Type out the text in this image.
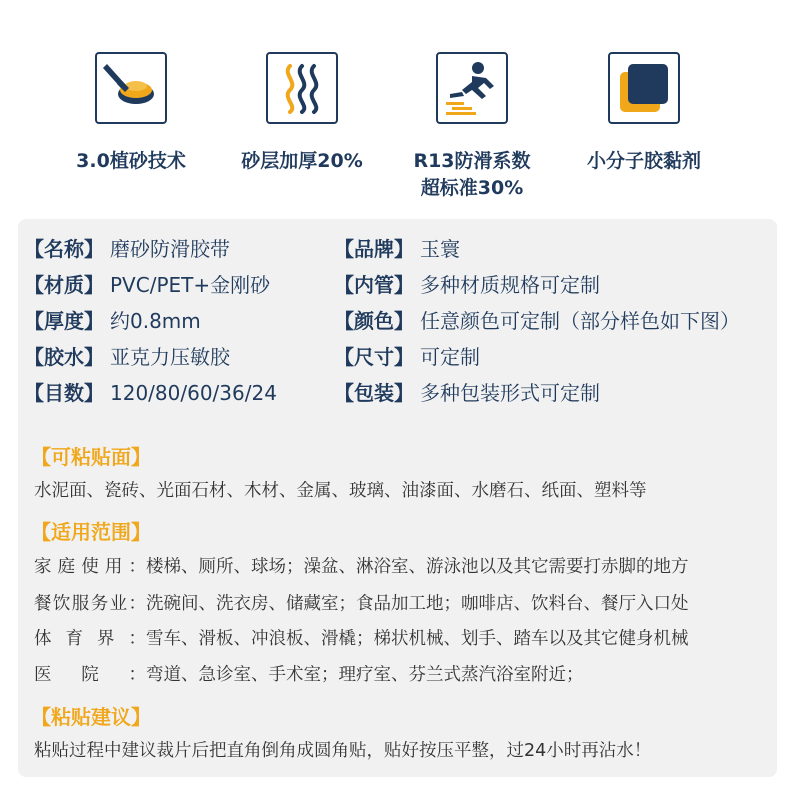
3.0植砂技术	砂层加厚20%	R13防滑系数
超标准30%
小分子胶黏剂
【名称】 磨砂防滑胶带	【品牌】 玉寰
【材质】 PVC/PET+金刚砂	【内管】 多种材质规格可定制
【厚度】 约0.8mm	【颜色】 任意颜色可定制（部分样色如下图）
【胶水】 亚克力压敏胶	【尺寸】 可定制
【目数】 120/80/60/36/24	【包装】 多种包装形式可定制
【可粘贴面】
水泥面、瓷砖、光面石材、木材、金属、玻璃、油漆面、水磨石、纸面、塑料等
【适用范围】
家庭使用：楼梯、厕所、球场；澡盆、淋浴室、游泳池以及其它需要打赤脚的地方
餐饮服务业：洗碗间、洗衣房、储藏室；食品加工地；咖啡店、饮料台、餐厅入口处
体育界：雪车、滑板、冲浪板、滑橇；梯状机械、划手、踏车以及其它健身机械
医院：弯道、急诊室、手术室；理疗室、芬兰式蒸汽浴室附近；
【粘贴建议】
粘贴过程中建议裁片后把直角倒角成圆角贴，贴好按压平整，过24小时再沾水！
